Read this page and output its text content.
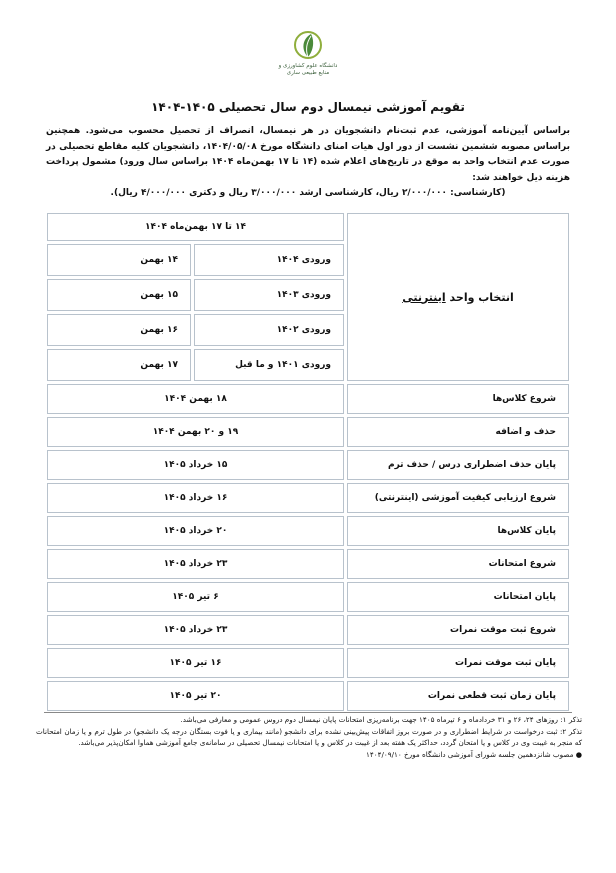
دانشگاه علوم کشاورزی و منابع طبیعی ساری
تقویم آموزشی نیمسال دوم سال تحصیلی ۱۴۰۵-۱۴۰۴
براساس آیین‌نامه آموزشی، عدم ثبت‌نام دانشجویان در هر نیمسال، انصراف از تحصیل محسوب می‌شود. همچنین براساس مصوبه ششمین نشست از دور اول هیات امنای دانشگاه مورخ ۱۴۰۴/۰۵/۰۸، دانشجویان کلیه مقاطع تحصیلی در صورت عدم انتخاب واحد به موقع در تاریخ‌های اعلام شده (۱۴ تا ۱۷ بهمن‌ماه ۱۴۰۴ براساس سال ورود) مشمول پرداخت هزینه ذیل خواهند شد:
(کارشناسی: ۲/۰۰۰/۰۰۰ ریال، کارشناسی ارشد ۳/۰۰۰/۰۰۰ ریال و دکتری ۴/۰۰۰/۰۰۰ ریال).
انتخاب واحد اینترنتی	۱۴ تا ۱۷ بهمن‌ماه ۱۴۰۴	
	ورودی ۱۴۰۴	۱۴ بهمن
	ورودی ۱۴۰۳	۱۵ بهمن
	ورودی ۱۴۰۲	۱۶ بهمن
	ورودی ۱۴۰۱ و ما قبل	۱۷ بهمن
شروع کلاس‌ها	۱۸ بهمن ۱۴۰۴	
حذف و اضافه	۱۹ و ۲۰ بهمن ۱۴۰۴	
پایان حذف اضطراری درس / حذف ترم	۱۵ خرداد ۱۴۰۵	
شروع ارزیابی کیفیت آموزشی (اینترنتی)	۱۶ خرداد ۱۴۰۵	
پایان کلاس‌ها	۲۰ خرداد ۱۴۰۵	
شروع امتحانات	۲۳ خرداد ۱۴۰۵	
پایان امتحانات	۶ تیر ۱۴۰۵	
شروع ثبت موقت نمرات	۲۳ خرداد ۱۴۰۵	
پایان ثبت موقت نمرات	۱۶ تیر ۱۴۰۵	
پایان زمان ثبت قطعی نمرات	۲۰ تیر ۱۴۰۵	

تذکر ۱: روزهای ۲۴، ۲۶ و ۳۱ خردادماه و ۶ تیرماه ۱۴۰۵ جهت برنامه‌ریزی امتحانات پایان نیمسال دوم دروس عمومی و معارفی می‌باشد.

تذکر ۲: ثبت درخواست در شرایط اضطراری و در صورت بروز اتفاقات پیش‌بینی نشده برای دانشجو (مانند بیماری و یا فوت بستگان درجه یک دانشجو) در طول ترم و یا زمان امتحانات که منجر به غیبت وی در کلاس و یا امتحان گردد، حداکثر یک هفته بعد از غیبت در کلاس و یا امتحانات نیمسال تحصیلی در سامانه‌ی جامع آموزشی هماوا امکان‌پذیر می‌باشد.

● مصوب شانزدهمین جلسه شورای آموزشی دانشگاه مورخ ۱۴۰۴/۰۹/۱۰
